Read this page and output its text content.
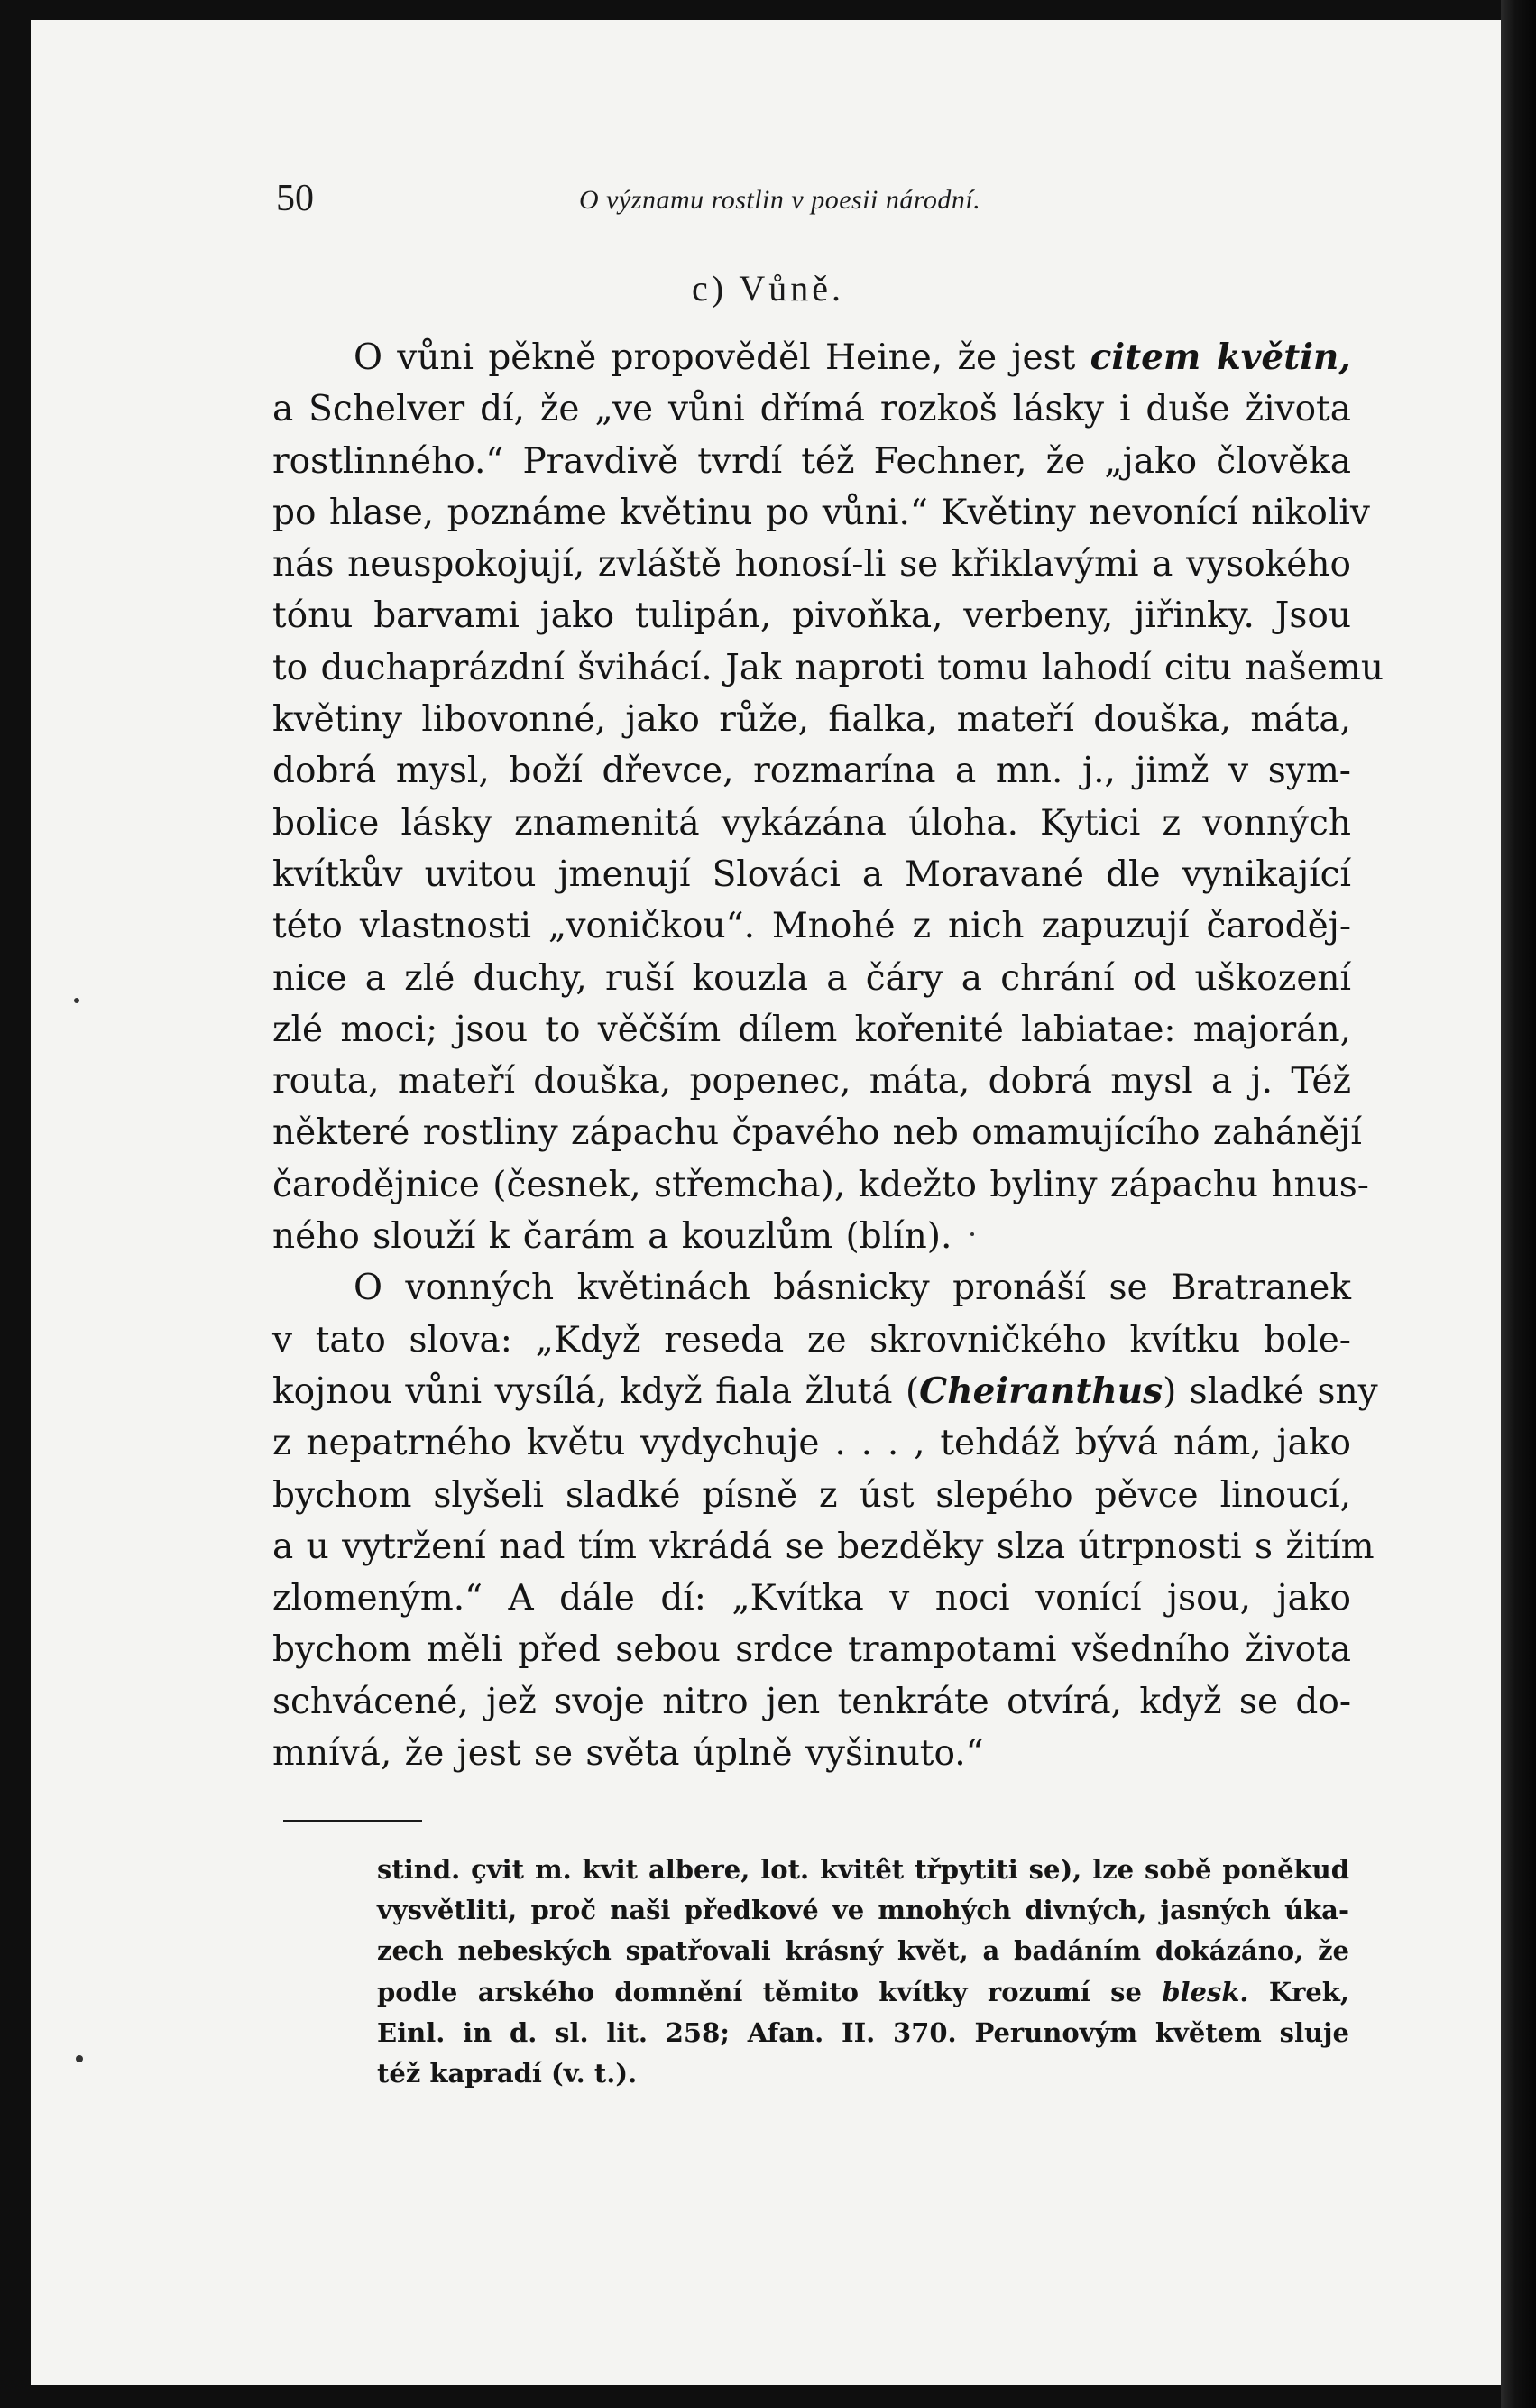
50	O významu rostlin v poesii národní.
c) Vůně.
O vůni pěkně propověděl Heine, že jest citem květin,
a Schelver dí, že „ve vůni dřímá rozkoš lásky i duše života
rostlinného.“ Pravdivě tvrdí též Fechner, že „jako člověka
po hlase, poznáme květinu po vůni.“ Květiny nevonící nikoliv
nás neuspokojují, zvláště honosí-li se křiklavými a vysokého
tónu barvami jako tulipán, pivoňka, verbeny, jiřinky. Jsou
to duchaprázdní švihácí. Jak naproti tomu lahodí citu našemu
květiny libovonné, jako růže, fialka, mateří douška, máta,
dobrá mysl, boží dřevce, rozmarína a mn. j., jimž v sym-
bolice lásky znamenitá vykázána úloha. Kytici z vonných
kvítkův uvitou jmenují Slováci a Moravané dle vynikající
této vlastnosti „voničkou“. Mnohé z nich zapuzují čaroděj-
nice a zlé duchy, ruší kouzla a čáry a chrání od uškození
zlé moci; jsou to věčším dílem kořenité labiatae: majorán,
routa, mateří douška, popenec, máta, dobrá mysl a j. Též
některé rostliny zápachu čpavého neb omamujícího zahánějí
čarodějnice (česnek, střemcha), kdežto byliny zápachu hnus-
ného slouží k čarám a kouzlům (blín).
O vonných květinách básnicky pronáší se Bratranek
v tato slova: „Když reseda ze skrovničkého kvítku bole-
kojnou vůni vysílá, když fiala žlutá (Cheiranthus) sladké sny
z nepatrného květu vydychuje . . . , tehdáž bývá nám, jako
bychom slyšeli sladké písně z úst slepého pěvce linoucí,
a u vytržení nad tím vkrádá se bezděky slza útrpnosti s žitím
zlomeným.“ A dále dí: „Kvítka v noci vonící jsou, jako
bychom měli před sebou srdce trampotami všedního života
schvácené, jež svoje nitro jen tenkráte otvírá, když se do-
mnívá, že jest se světa úplně vyšinuto.“
stind. çvit m. kvit albere, lot. kvitêt třpytiti se), lze sobě poněkud
vysvětliti, proč naši předkové ve mnohých divných, jasných úka-
zech nebeských spatřovali krásný květ, a badáním dokázáno, že
podle arského domnění těmito kvítky rozumí se blesk. Krek,
Einl. in d. sl. lit. 258; Afan. II. 370. Perunovým květem sluje
též kapradí (v. t.).
